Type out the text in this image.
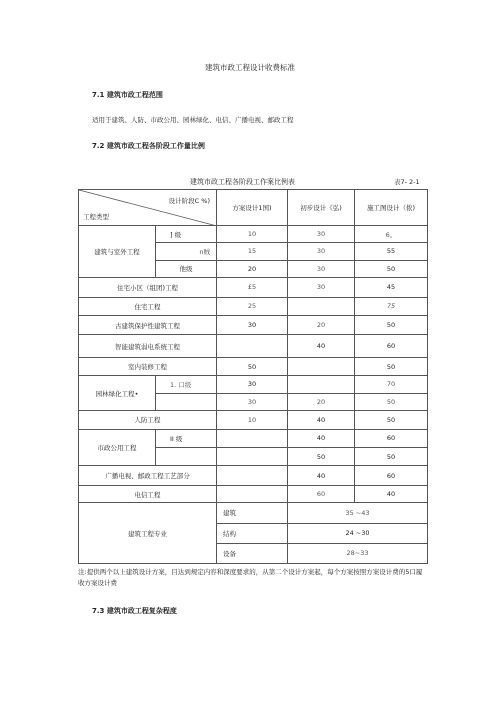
建筑市政工程设计收费标准
7.1 建筑市政工程范围
适用于建筑、人防、市政公用、园林绿化、电信、广播电视、邮政工程
7.2 建筑市政工程各阶段工作量比例
建筑市政工程各阶段工作案比例表	表7- 2-1
设计阶段C %)
工程类型		方案设计1国)	初步设计《弘)	施工图设计（侬)
建筑与室外工程	] 级	10	30	6。
	n贼	15	30	55
	他级	20	30	50
住宅小区（组团)工程		£5	30	45
住宅工程		25		75
古建筑保护性建筑工程		30	20	50
智能建筑弱电系统工程			40	60
室内装修工程		50		50
园林绿化工程•	1. 口级	30		70
		30	20	50
人防工程		10	40	50
市政公用工程	II 级		40	60
			50	50
广播电视、邮政工程工艺部分			40	60
电信工程			60	40
建筑工程专业		建筑	35 ~43	
		结构	24 ~30	
		设备	28~33	
注:提供两个以上建筑设计方案，目达到规定内容和深度要求的，从第二个设计方案起，每个方案按照方案设计费的5口履收方案设计费
7.3 建筑市政工程复杂程度
